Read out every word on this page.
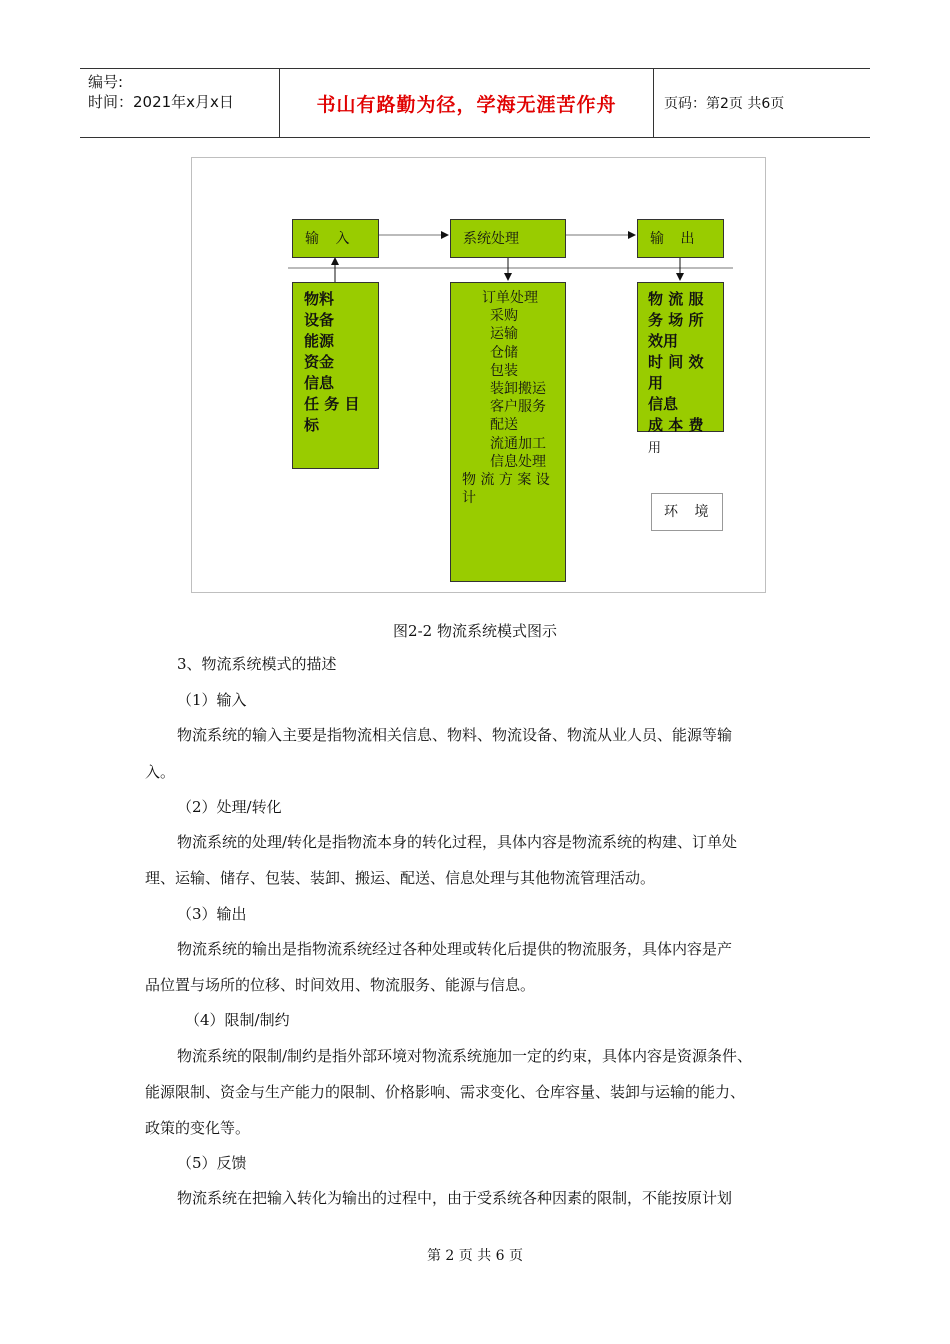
编号:
时间：2021年x月x日	书山有路勤为径，学海无涯苦作舟	页码：第2页 共6页
输 入	系统处理	输 出
物料
设备
能源
资金
信息
任 务 目
标
订单处理
采购
运输
仓储
包装
装卸搬运
客户服务
配送
流通加工
信息处理
物 流 方 案 设
计
物 流 服
务 场 所
效用
时 间 效
用
信息
成 本 费
用
环 境
图2-2 物流系统模式图示
3、物流系统模式的描述
（1）输入
物流系统的输入主要是指物流相关信息、物料、物流设备、物流从业人员、能源等输
入。
（2）处理/转化
物流系统的处理/转化是指物流本身的转化过程，具体内容是物流系统的构建、订单处
理、运输、储存、包装、装卸、搬运、配送、信息处理与其他物流管理活动。
（3）输出
物流系统的输出是指物流系统经过各种处理或转化后提供的物流服务，具体内容是产
品位置与场所的位移、时间效用、物流服务、能源与信息。
（4）限制/制约
物流系统的限制/制约是指外部环境对物流系统施加一定的约束，具体内容是资源条件、
能源限制、资金与生产能力的限制、价格影响、需求变化、仓库容量、装卸与运输的能力、
政策的变化等。
（5）反馈
物流系统在把输入转化为输出的过程中，由于受系统各种因素的限制，不能按原计划
第 2 页 共 6 页
